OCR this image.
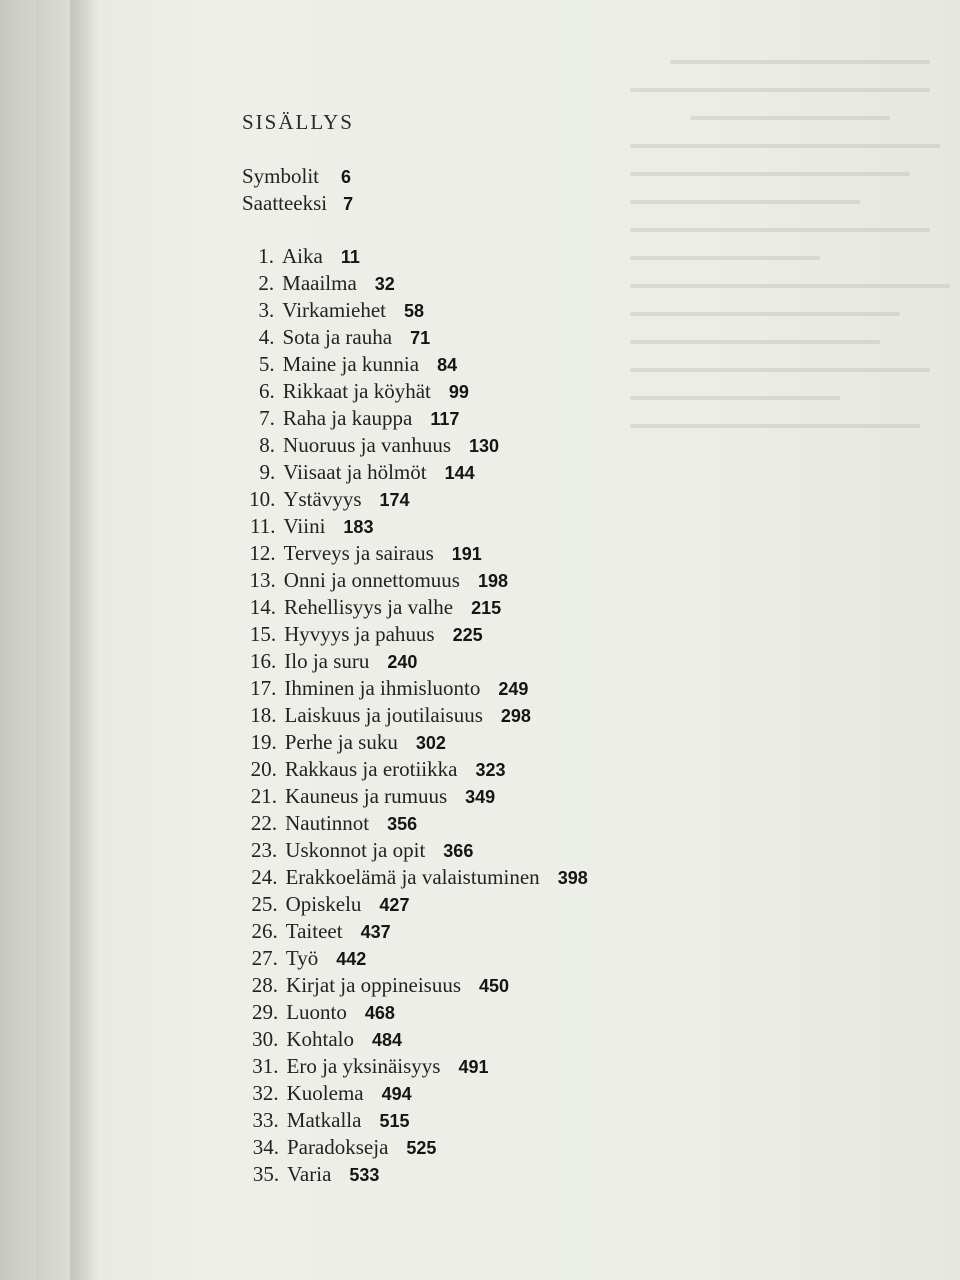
SISÄLLYS
Symbolit 6
Saatteeksi 7
1. Aika 11
2. Maailma 32
3. Virkamiehet 58
4. Sota ja rauha 71
5. Maine ja kunnia 84
6. Rikkaat ja köyhät 99
7. Raha ja kauppa 117
8. Nuoruus ja vanhuus 130
9. Viisaat ja hölmöt 144
10. Ystävyys 174
11. Viini 183
12. Terveys ja sairaus 191
13. Onni ja onnettomuus 198
14. Rehellisyys ja valhe 215
15. Hyvyys ja pahuus 225
16. Ilo ja suru 240
17. Ihminen ja ihmisluonto 249
18. Laiskuus ja joutilaisuus 298
19. Perhe ja suku 302
20. Rakkaus ja erotiikka 323
21. Kauneus ja rumuus 349
22. Nautinnot 356
23. Uskonnot ja opit 366
24. Erakkoelämä ja valaistuminen 398
25. Opiskelu 427
26. Taiteet 437
27. Työ 442
28. Kirjat ja oppineisuus 450
29. Luonto 468
30. Kohtalo 484
31. Ero ja yksinäisyys 491
32. Kuolema 494
33. Matkalla 515
34. Paradokseja 525
35. Varia 533
